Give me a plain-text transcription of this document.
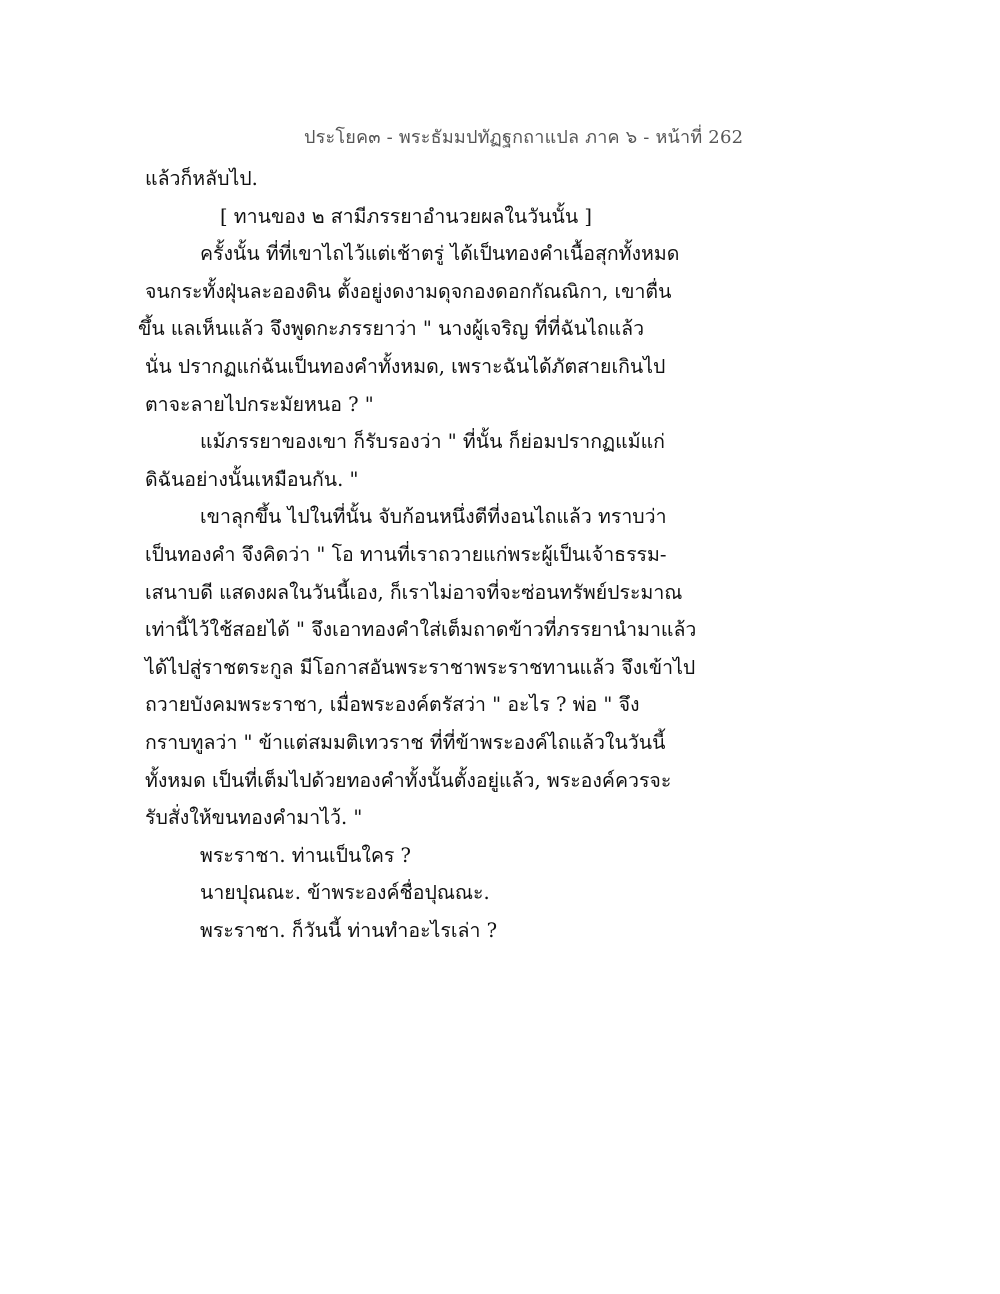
ประโยค๓ - พระธัมมปทัฏฐกถาแปล ภาค ๖ - หน้าที่ 262
แล้วก็หลับไป.
[ ทานของ ๒ สามีภรรยาอำนวยผลในวันนั้น ]
ครั้งนั้น ที่ที่เขาไถไว้แต่เช้าตรู่ ได้เป็นทองคำเนื้อสุกทั้งหมด
จนกระทั้งฝุ่นละอองดิน ตั้งอยู่งดงามดุจกองดอกกัณณิกา, เขาตื่น
ขึ้น แลเห็นแล้ว จึงพูดกะภรรยาว่า " นางผู้เจริญ ที่ที่ฉันไถแล้ว
นั่น ปรากฏแก่ฉันเป็นทองคำทั้งหมด, เพราะฉันได้ภัตสายเกินไป
ตาจะลายไปกระมัยหนอ ? "
แม้ภรรยาของเขา ก็รับรองว่า " ที่นั้น ก็ย่อมปรากฏแม้แก่
ดิฉันอย่างนั้นเหมือนกัน. "
เขาลุกขึ้น ไปในที่นั้น จับก้อนหนึ่งตีที่งอนไถแล้ว ทราบว่า
เป็นทองคำ จึงคิดว่า " โอ ทานที่เราถวายแก่พระผู้เป็นเจ้าธรรม-
เสนาบดี แสดงผลในวันนี้เอง, ก็เราไม่อาจที่จะซ่อนทรัพย์ประมาณ
เท่านี้ไว้ใช้สอยได้ " จึงเอาทองคำใส่เต็มถาดข้าวที่ภรรยานำมาแล้ว
ได้ไปสู่ราชตระกูล มีโอกาสอันพระราชาพระราชทานแล้ว จึงเข้าไป
ถวายบังคมพระราชา, เมื่อพระองค์ตรัสว่า " อะไร ? พ่อ " จึง
กราบทูลว่า " ข้าแต่สมมติเทวราช ที่ที่ข้าพระองค์ไถแล้วในวันนี้
ทั้งหมด เป็นที่เต็มไปด้วยทองคำทั้งนั้นตั้งอยู่แล้ว, พระองค์ควรจะ
รับสั่งให้ขนทองคำมาไว้. "
พระราชา. ท่านเป็นใคร ?
นายปุณณะ. ข้าพระองค์ชื่อปุณณะ.
พระราชา. ก็วันนี้ ท่านทำอะไรเล่า ?
